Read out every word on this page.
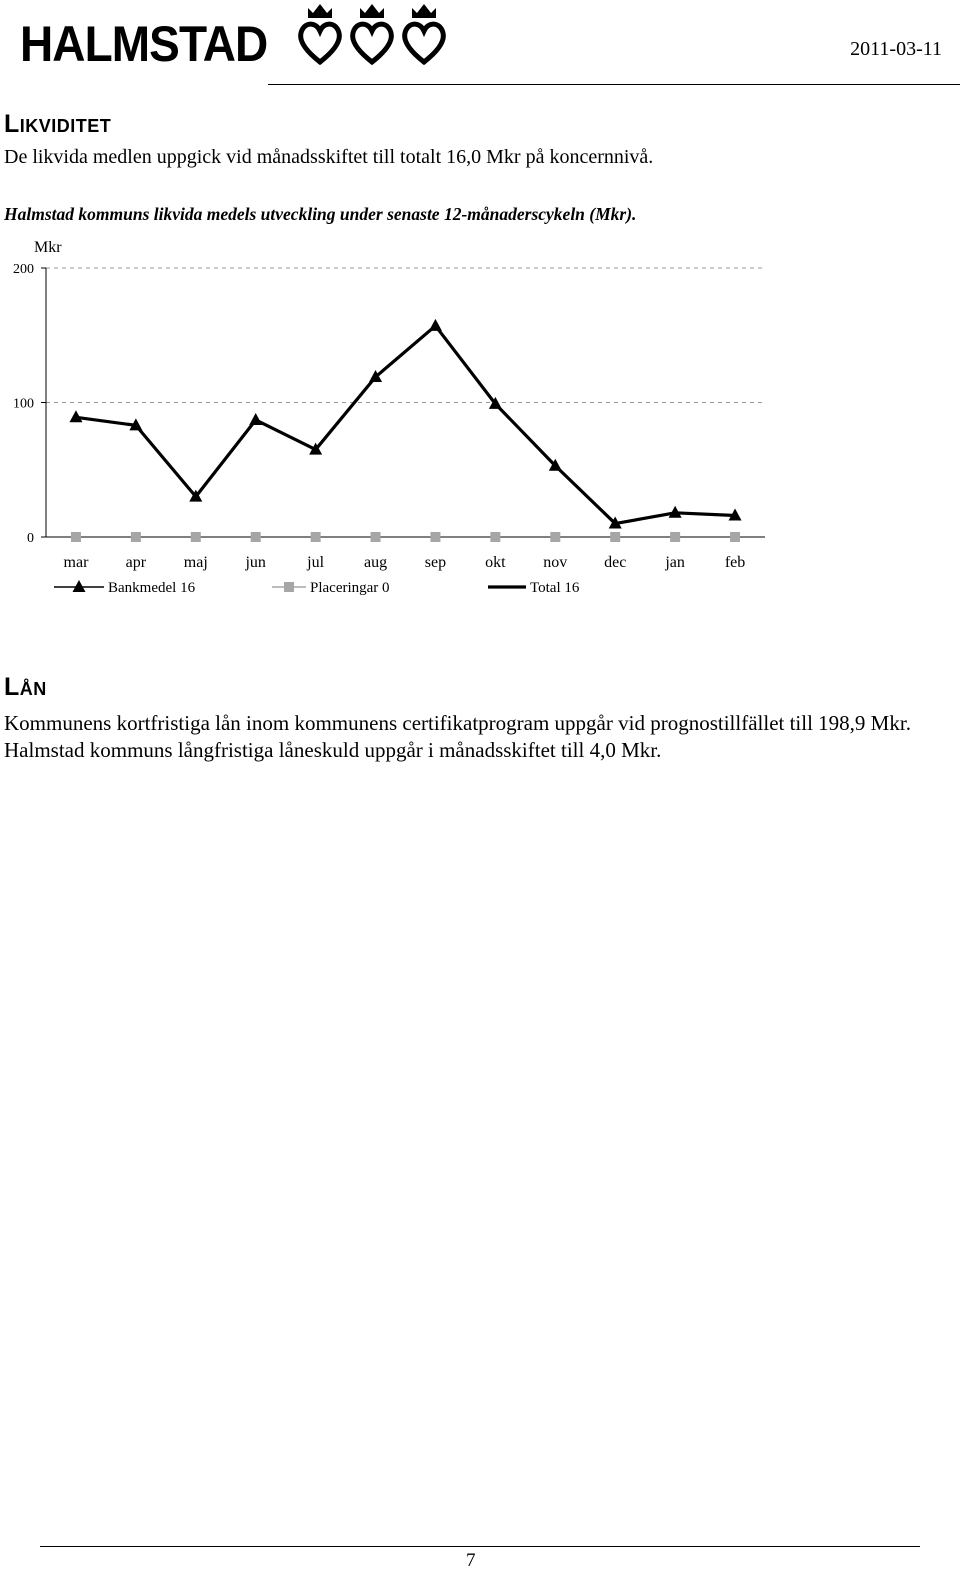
HALMSTAD	2011-03-11
Likviditet
De likvida medlen uppgick vid månadsskiftet till totalt 16,0 Mkr på koncernnivå.
Halmstad kommuns likvida medels utveckling under senaste 12-månaderscykeln (Mkr).
Mkr
0
100
200
mar apr maj jun	jul aug sep okt nov dec jan feb
Bankmedel 16	Placeringar 0	Total 16
Lån
Kommunens kortfristiga lån inom kommunens certifikatprogram uppgår vid prognostillfället till 198,9 Mkr. Halmstad kommuns långfristiga låneskuld uppgår i månadsskiftet till 4,0 Mkr.
7
